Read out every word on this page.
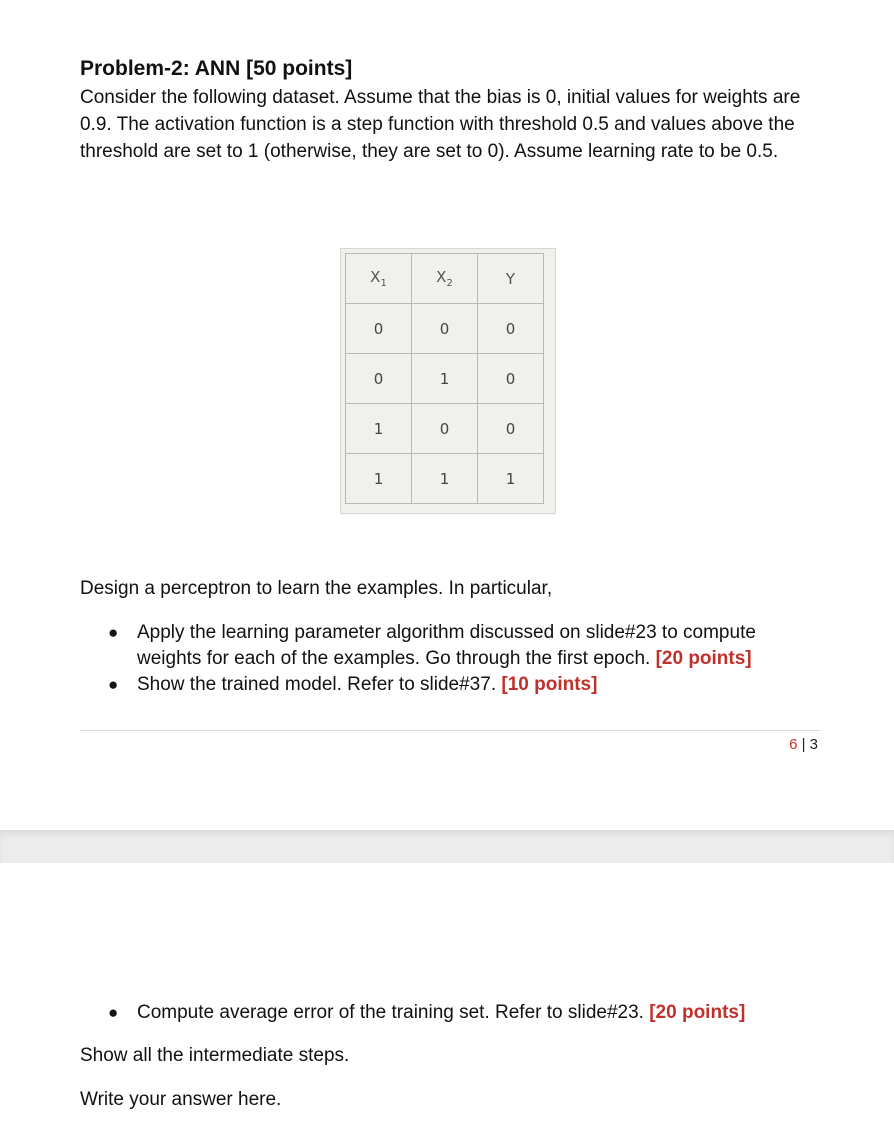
Problem-2: ANN [50 points]
Consider the following dataset. Assume that the bias is 0, initial values for weights are 0.9. The activation function is a step function with threshold 0.5 and values above the threshold are set to 1 (otherwise, they are set to 0). Assume learning rate to be 0.5.
$X_1$	$X_2$	Y
0	0	0
0	1	0
1	0	0
1	1	1
Design a perceptron to learn the examples. In particular,
● Apply the learning parameter algorithm discussed on slide#23 to compute weights for each of the examples. Go through the first epoch. [20 points]
● Show the trained model. Refer to slide#37. [10 points]
6 | 3
● Compute average error of the training set. Refer to slide#23. [20 points]
Show all the intermediate steps.
Write your answer here.
